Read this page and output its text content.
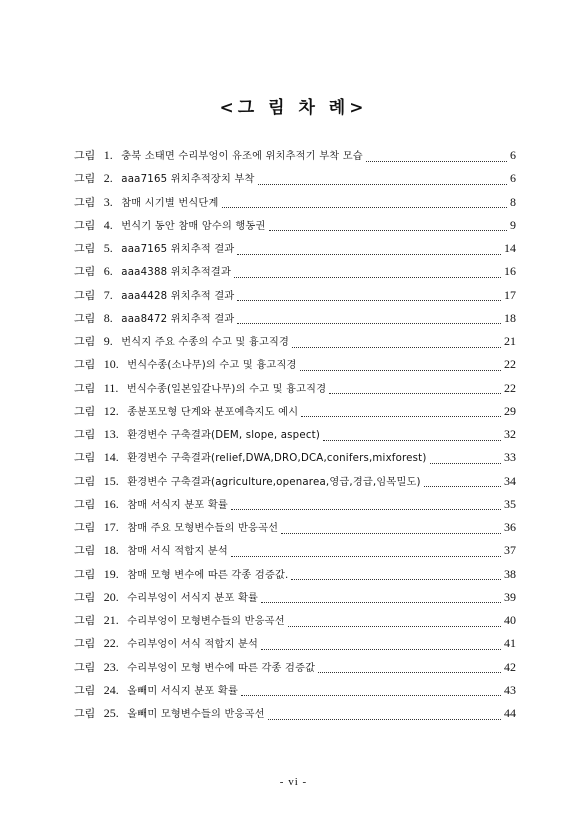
<그 림 차 례>
그림 1. 충북 소태면 수리부엉이 유조에 위치추적기 부착 모습	6
그림 2. aaa7165 위치추적장치 부착	6
그림 3. 참매 시기별 번식단계	8
그림 4. 번식기 동안 참매 암수의 행동권	9
그림 5. aaa7165 위치추적 결과	14
그림 6. aaa4388 위치추적결과	16
그림 7. aaa4428 위치추적 결과	17
그림 8. aaa8472 위치추적 결과	18
그림 9. 번식지 주요 수종의 수고 및 흉고직경	21
그림 10. 번식수종(소나무)의 수고 및 흉고직경	22
그림 11. 번식수종(일본잎갈나무)의 수고 및 흉고직경	22
그림 12. 종분포모형 단계와 분포예측지도 예시	29
그림 13. 환경변수 구축결과(DEM, slope, aspect)	32
그림 14. 환경변수 구축결과(relief,DWA,DRO,DCA,conifers,mixforest)	33
그림 15. 환경변수 구축결과(agriculture,openarea,영급,경급,임목밀도)	34
그림 16. 참매 서식지 분포 확률	35
그림 17. 참매 주요 모형변수들의 반응곡선	36
그림 18. 참매 서식 적합지 분석	37
그림 19. 참매 모형 변수에 따른 각종 검증값.	38
그림 20. 수리부엉이 서식지 분포 확률	39
그림 21. 수리부엉이 모형변수들의 반응곡선	40
그림 22. 수리부엉이 서식 적합지 분석	41
그림 23. 수리부엉이 모형 변수에 따른 각종 검증값	42
그림 24. 올빼미 서식지 분포 확률	43
그림 25. 올빼미 모형변수들의 반응곡선	44
- vi -
